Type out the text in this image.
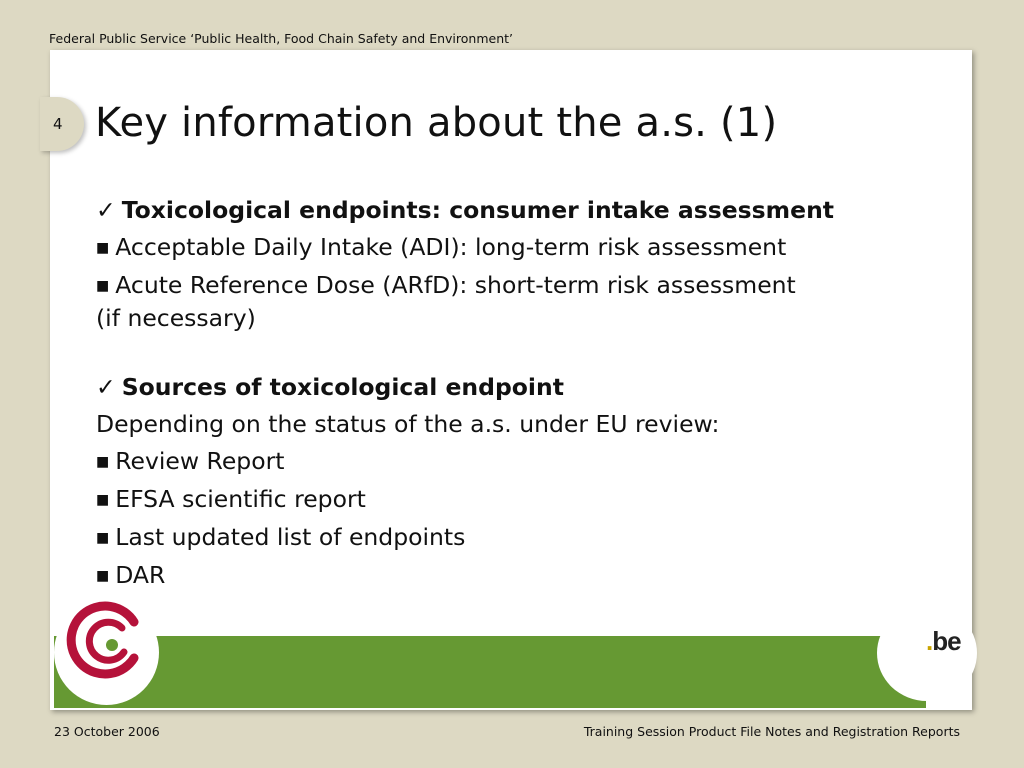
Federal Public Service ‘Public Health, Food Chain Safety and Environment’
4 Key information about the a.s. (1)
✓ Toxicological endpoints: consumer intake assessment
■ Acceptable Daily Intake (ADI): long-term risk assessment
■ Acute Reference Dose (ARfD): short-term risk assessment
(if necessary)
✓ Sources of toxicological endpoint
Depending on the status of the a.s. under EU review:
■ Review Report
■ EFSA scientific report
■ Last updated list of endpoints
■ DAR
.be
23 October 2006	Training Session Product File Notes and Registration Reports
